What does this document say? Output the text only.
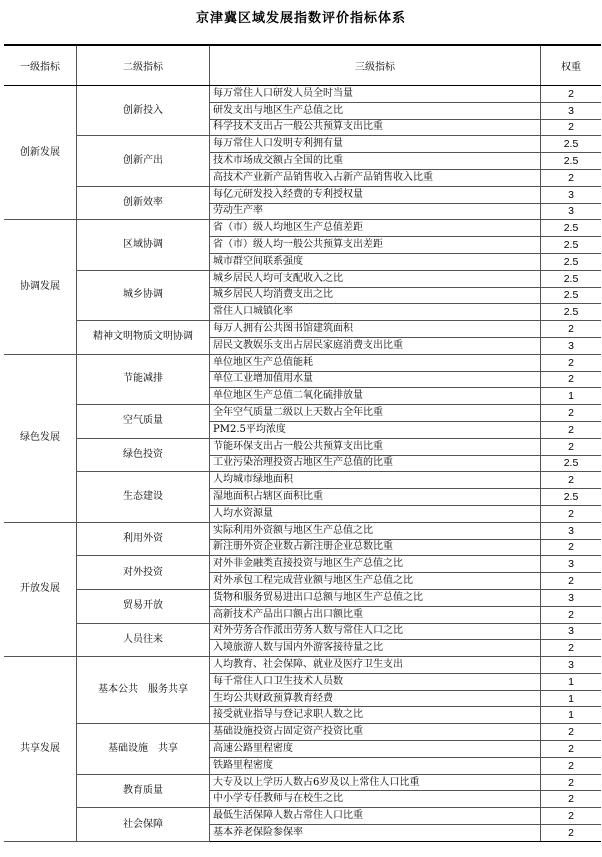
京津冀区域发展指数评价指标体系
一级指标	二级指标	三级指标	权重
创新发展	创新投入	每万常住人口研发人员全时当量	2
		研发支出与地区生产总值之比	3
		科学技术支出占一般公共预算支出比重	2
	创新产出	每万常住人口发明专利拥有量	2.5
		技术市场成交额占全国的比重	2.5
		高技术产业新产品销售收入占新产品销售收入比重	2
	创新效率	每亿元研发投入经费的专利授权量	3
		劳动生产率	3
协调发展	区域协调	省（市）级人均地区生产总值差距	2.5
		省（市）级人均一般公共预算支出差距	2.5
		城市群空间联系强度	2.5
	城乡协调	城乡居民人均可支配收入之比	2.5
		城乡居民人均消费支出之比	2.5
		常住人口城镇化率	2.5
	精神文明物质文明协调	每万人拥有公共图书馆建筑面积	2
		居民文教娱乐支出占居民家庭消费支出比重	3
绿色发展	节能减排	单位地区生产总值能耗	2
		单位工业增加值用水量	2
		单位地区生产总值二氧化硫排放量	1
	空气质量	全年空气质量二级以上天数占全年比重	2
		PM2.5平均浓度	2
	绿色投资	节能环保支出占一般公共预算支出比重	2
		工业污染治理投资占地区生产总值的比重	2.5
	生态建设	人均城市绿地面积	2
		湿地面积占辖区面积比重	2.5
		人均水资源量	2
开放发展	利用外资	实际利用外资额与地区生产总值之比	3
		新注册外资企业数占新注册企业总数比重	2
	对外投资	对外非金融类直接投资与地区生产总值之比	3
		对外承包工程完成营业额与地区生产总值之比	2
	贸易开放	货物和服务贸易进出口总额与地区生产总值之比	3
		高新技术产品出口额占出口额比重	2
	人员往来	对外劳务合作派出劳务人数与常住人口之比	3
		入境旅游人数与国内外游客接待量之比	2
共享发展	基本公共　服务共享	人均教育、社会保障、就业及医疗卫生支出	3
		每千常住人口卫生技术人员数	1
		生均公共财政预算教育经费	1
		接受就业指导与登记求职人数之比	1
	基础设施　共享	基础设施投资占固定资产投资比重	2
		高速公路里程密度	2
		铁路里程密度	2
	教育质量	大专及以上学历人数占6岁及以上常住人口比重	2
		中小学专任教师与在校生之比	2
	社会保障	最低生活保障人数占常住人口比重	2
		基本养老保险参保率	2
